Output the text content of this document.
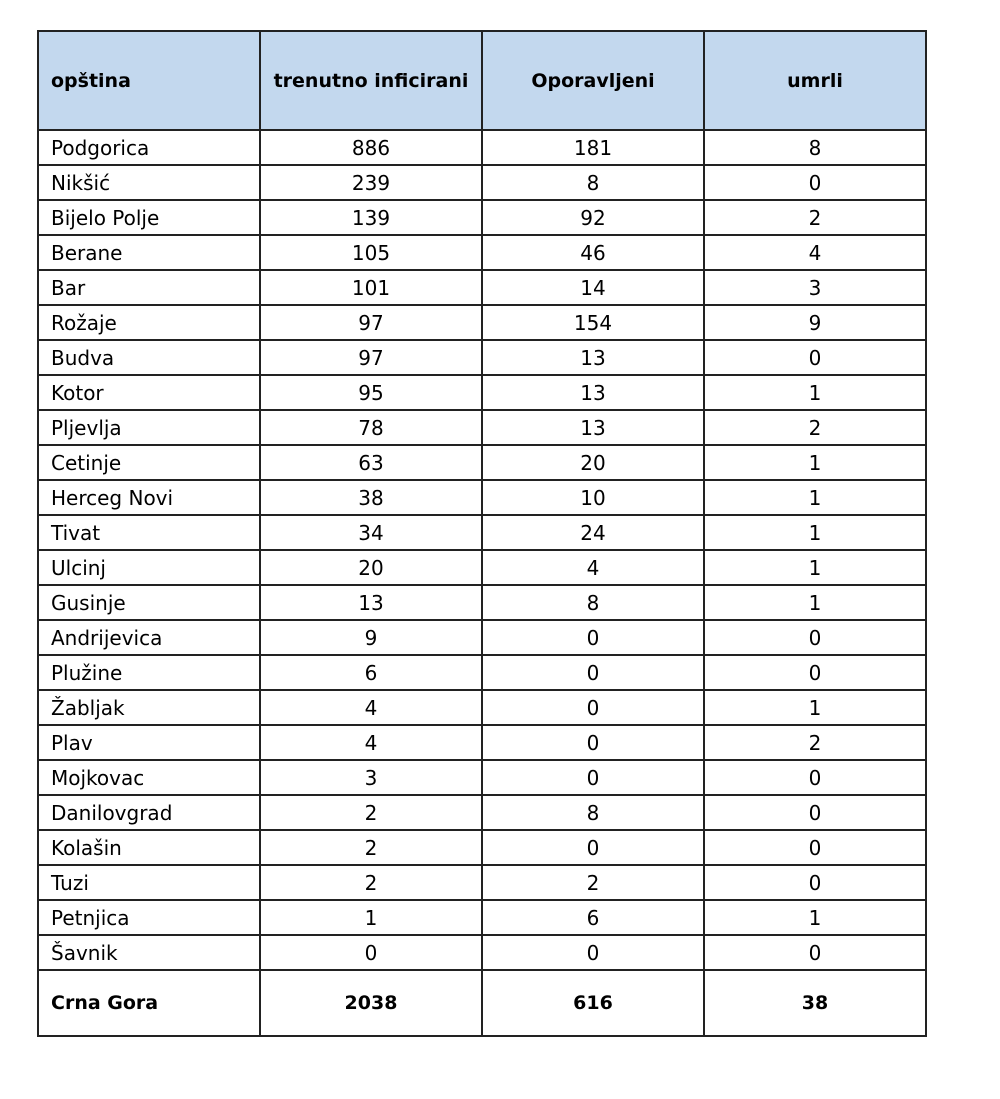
opština	trenutno inficirani	Oporavljeni	umrli
Podgorica	886	181	8
Nikšić	239	8	0
Bijelo Polje	139	92	2
Berane	105	46	4
Bar	101	14	3
Rožaje	97	154	9
Budva	97	13	0
Kotor	95	13	1
Pljevlja	78	13	2
Cetinje	63	20	1
Herceg Novi	38	10	1
Tivat	34	24	1
Ulcinj	20	4	1
Gusinje	13	8	1
Andrijevica	9	0	0
Plužine	6	0	0
Žabljak	4	0	1
Plav	4	0	2
Mojkovac	3	0	0
Danilovgrad	2	8	0
Kolašin	2	0	0
Tuzi	2	2	0
Petnjica	1	6	1
Šavnik	0	0	0
Crna Gora	2038	616	38
